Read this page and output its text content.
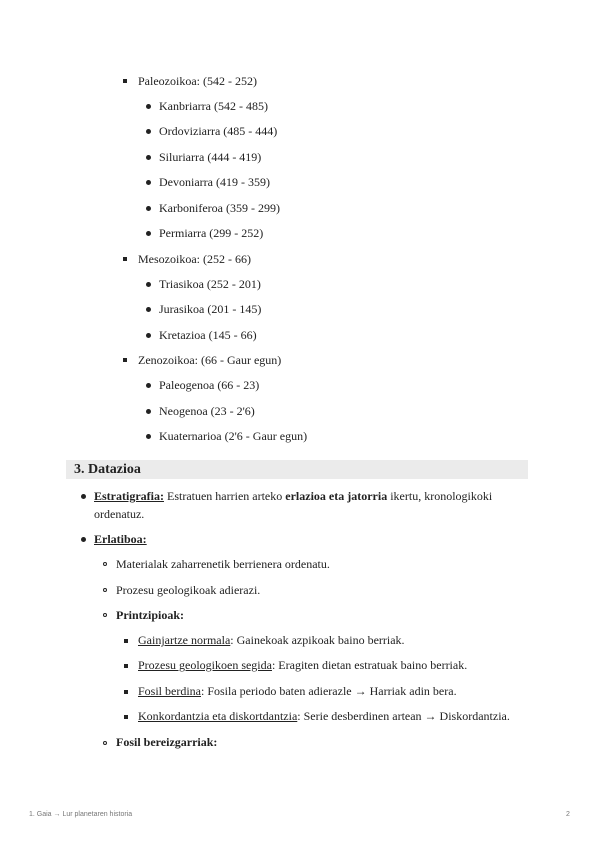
Paleozoikoa: (542 - 252)
Kanbriarra (542 - 485)
Ordoviziarra (485 - 444)
Siluriarra (444 - 419)
Devoniarra (419 - 359)
Karboniferoa (359 - 299)
Permiarra (299 - 252)
Mesozoikoa: (252 - 66)
Triasikoa (252 - 201)
Jurasikoa (201 - 145)
Kretazioa (145 - 66)
Zenozoikoa: (66 - Gaur egun)
Paleogenoa (66 - 23)
Neogenoa (23 - 2'6)
Kuaternarioa (2'6 - Gaur egun)
3. Datazioa
Estratigrafia: Estratuen harrien arteko erlazioa eta jatorria ikertu, kronologikoki
ordenatuz.
Erlatiboa:
Materialak zaharrenetik berrienera ordenatu.
Prozesu geologikoak adierazi.
Printzipioak:
Gainjartze normala: Gainekoak azpikoak baino berriak.
Prozesu geologikoen segida: Eragiten dietan estratuak baino berriak.
Fosil berdina: Fosila periodo baten adierazle → Harriak adin bera.
Konkordantzia eta diskortdantzia: Serie desberdinen artean → Diskordantzia.
Fosil bereizgarriak:
1. Gaia → Lur planetaren historia	2
